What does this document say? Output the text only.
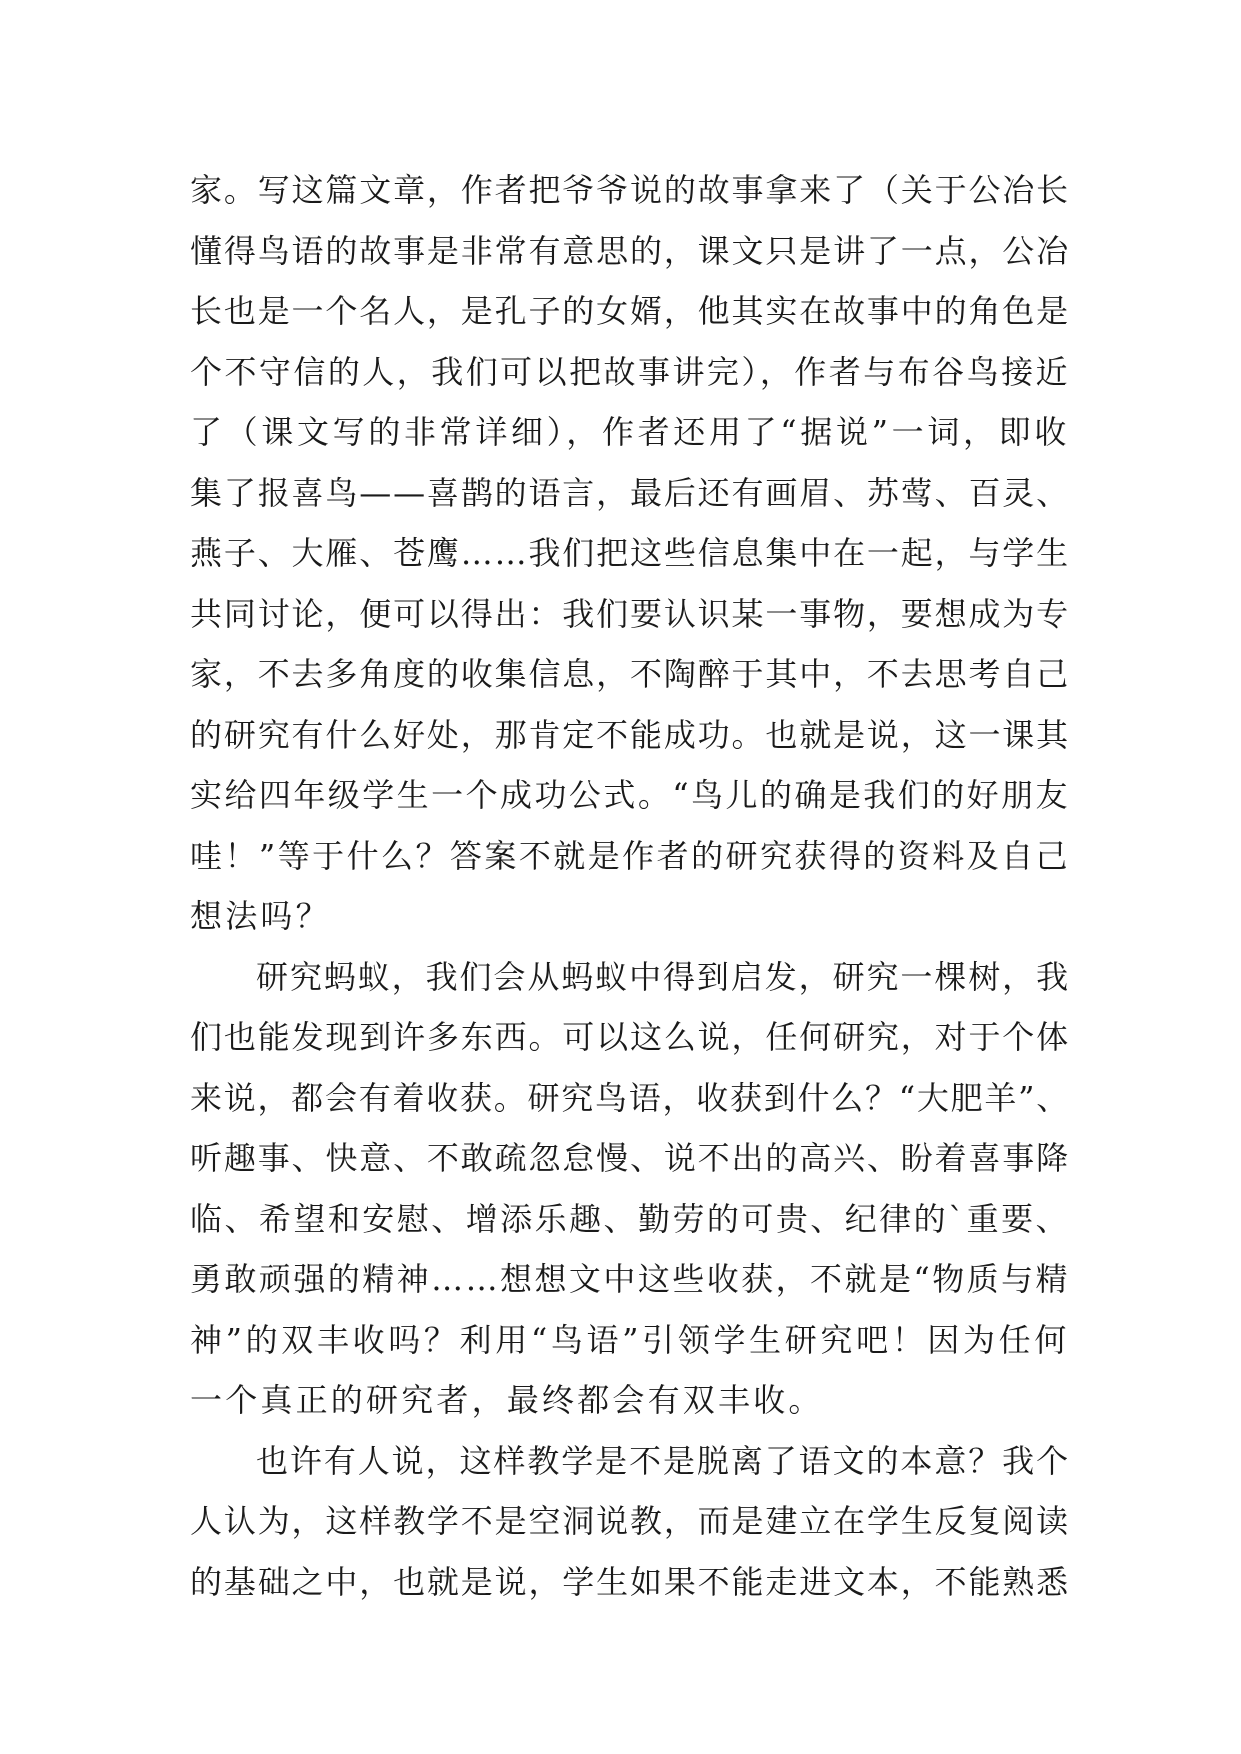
家。写这篇文章，作者把爷爷说的故事拿来了（关于公冶长
懂得鸟语的故事是非常有意思的，课文只是讲了一点，公冶
长也是一个名人，是孔子的女婿，他其实在故事中的角色是
个不守信的人，我们可以把故事讲完），作者与布谷鸟接近
了（课文写的非常详细），作者还用了“据说”一词，即收
集了报喜鸟——喜鹊的语言，最后还有画眉、苏莺、百灵、
燕子、大雁、苍鹰……我们把这些信息集中在一起，与学生
共同讨论，便可以得出：我们要认识某一事物，要想成为专
家，不去多角度的收集信息，不陶醉于其中，不去思考自己
的研究有什么好处，那肯定不能成功。也就是说，这一课其
实给四年级学生一个成功公式。“鸟儿的确是我们的好朋友
哇！”等于什么？答案不就是作者的研究获得的资料及自己
想法吗？
研究蚂蚁，我们会从蚂蚁中得到启发，研究一棵树，我
们也能发现到许多东西。可以这么说，任何研究，对于个体
来说，都会有着收获。研究鸟语，收获到什么？“大肥羊”、
听趣事、快意、不敢疏忽怠慢、说不出的高兴、盼着喜事降
临、希望和安慰、增添乐趣、勤劳的可贵、纪律的`重要、
勇敢顽强的精神……想想文中这些收获，不就是“物质与精
神”的双丰收吗？利用“鸟语”引领学生研究吧！因为任何
一个真正的研究者，最终都会有双丰收。
也许有人说，这样教学是不是脱离了语文的本意？我个
人认为，这样教学不是空洞说教，而是建立在学生反复阅读
的基础之中，也就是说，学生如果不能走进文本，不能熟悉
